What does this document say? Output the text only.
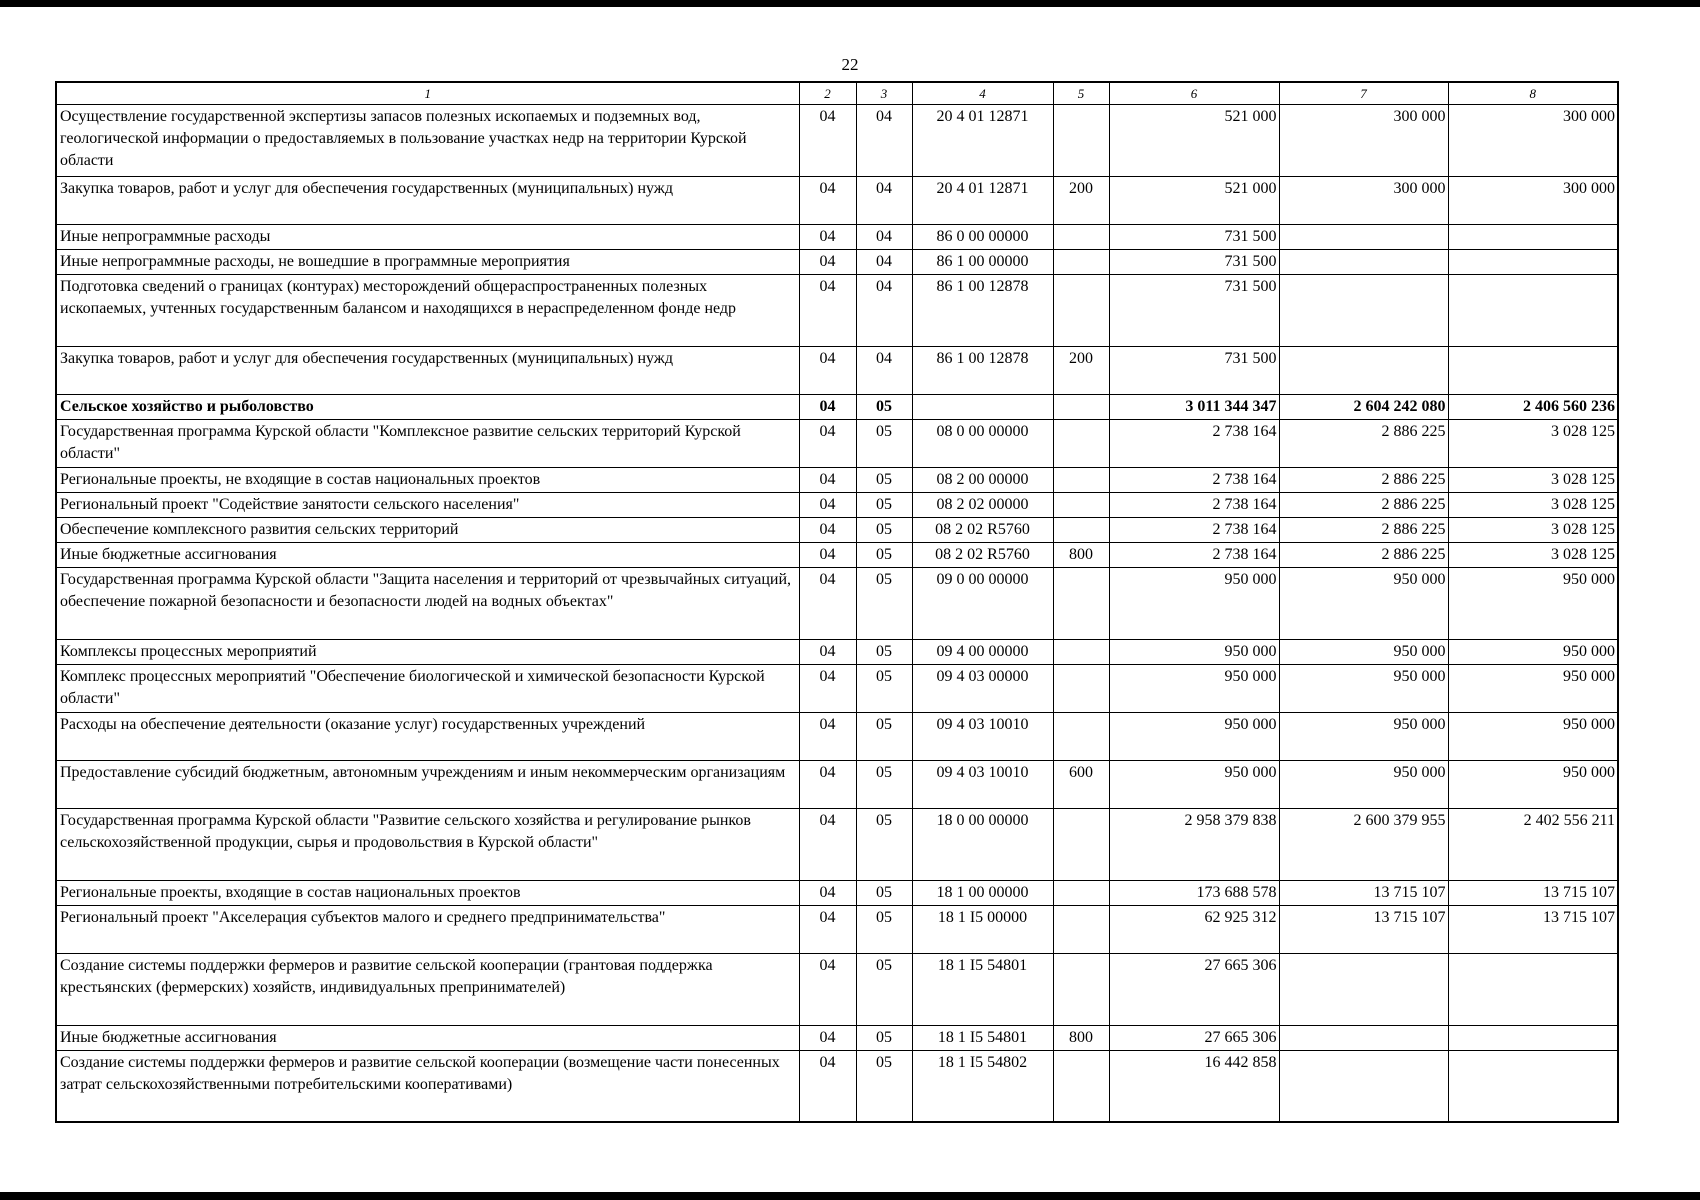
22
1	2	3	4	5	6	7	8
Осуществление государственной экспертизы запасов полезных ископаемых и подземных вод, геологической информации о предоставляемых в пользование участках недр на территории Курской области	04	04	20 4 01 12871		521 000	300 000	300 000
Закупка товаров, работ и услуг для обеспечения государственных (муниципальных) нужд	04	04	20 4 01 12871	200	521 000	300 000	300 000
Иные непрограммные расходы	04	04	86 0 00 00000		731 500		
Иные непрограммные расходы, не вошедшие в программные мероприятия	04	04	86 1 00 00000		731 500		
Подготовка сведений о границах (контурах) месторождений общераспространенных полезных ископаемых, учтенных государственным балансом и находящихся в нераспределенном фонде недр	04	04	86 1 00 12878		731 500		
Закупка товаров, работ и услуг для обеспечения государственных (муниципальных) нужд	04	04	86 1 00 12878	200	731 500		
Сельское хозяйство и рыболовство	04	05			3 011 344 347	2 604 242 080	2 406 560 236
Государственная программа Курской области "Комплексное развитие сельских территорий Курской области"	04	05	08 0 00 00000		2 738 164	2 886 225	3 028 125
Региональные проекты, не входящие в состав национальных проектов	04	05	08 2 00 00000		2 738 164	2 886 225	3 028 125
Региональный проект "Содействие занятости сельского населения"	04	05	08 2 02 00000		2 738 164	2 886 225	3 028 125
Обеспечение комплексного развития сельских территорий	04	05	08 2 02 R5760		2 738 164	2 886 225	3 028 125
Иные бюджетные ассигнования	04	05	08 2 02 R5760	800	2 738 164	2 886 225	3 028 125
Государственная программа Курской области "Защита населения и территорий от чрезвычайных ситуаций, обеспечение пожарной безопасности и безопасности людей на водных объектах"	04	05	09 0 00 00000		950 000	950 000	950 000
Комплексы процессных мероприятий	04	05	09 4 00 00000		950 000	950 000	950 000
Комплекс процессных мероприятий "Обеспечение биологической и химической безопасности Курской области"	04	05	09 4 03 00000		950 000	950 000	950 000
Расходы на обеспечение деятельности (оказание услуг) государственных учреждений	04	05	09 4 03 10010		950 000	950 000	950 000
Предоставление субсидий бюджетным, автономным учреждениям и иным некоммерческим организациям	04	05	09 4 03 10010	600	950 000	950 000	950 000
Государственная программа Курской области "Развитие сельского хозяйства и регулирование рынков сельскохозяйственной продукции, сырья и продовольствия в Курской области"	04	05	18 0 00 00000		2 958 379 838	2 600 379 955	2 402 556 211
Региональные проекты, входящие в состав национальных проектов	04	05	18 1 00 00000		173 688 578	13 715 107	13 715 107
Региональный проект "Акселерация субъектов малого и среднего предпринимательства"	04	05	18 1 I5 00000		62 925 312	13 715 107	13 715 107
Создание системы поддержки фермеров и развитие сельской кооперации (грантовая поддержка крестьянских (фермерских) хозяйств, индивидуальных препринимателей)	04	05	18 1 I5 54801		27 665 306		
Иные бюджетные ассигнования	04	05	18 1 I5 54801	800	27 665 306		
Создание системы поддержки фермеров и развитие сельской кооперации (возмещение части понесенных затрат сельскохозяйственными потребительскими кооперативами)	04	05	18 1 I5 54802		16 442 858		
